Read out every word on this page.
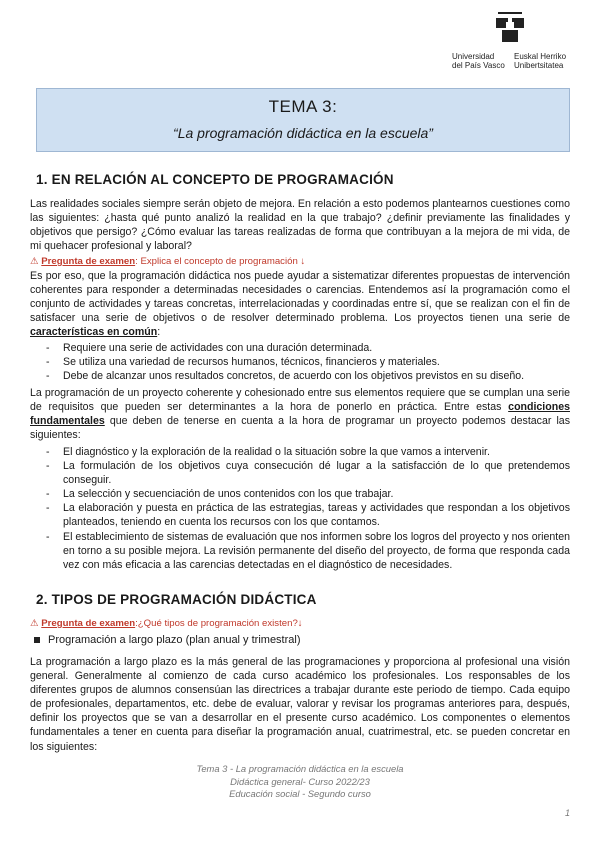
Universidad
del País Vasco
Euskal Herriko
Unibertsitatea
TEMA 3:
“La programación didáctica en la escuela”
1. EN RELACIÓN AL CONCEPTO DE PROGRAMACIÓN
Las realidades sociales siempre serán objeto de mejora. En relación a esto podemos plantearnos cuestiones como las siguientes: ¿hasta qué punto analizó la realidad en la que trabajo? ¿definir previamente las finalidades y objetivos que persigo? ¿Cómo evaluar las tareas realizadas de forma que contribuyan a la mejora de mi vida, de mi quehacer profesional y laboral?
⚠ Pregunta de examen: Explica el concepto de programación ↓
Es por eso, que la programación didáctica nos puede ayudar a sistematizar diferentes propuestas de intervención coherentes para responder a determinadas necesidades o carencias. Entendemos así la programación como el conjunto de actividades y tareas concretas, interrelacionadas y coordinadas entre sí, que se realizan con el fin de satisfacer una serie de objetivos o de resolver determinado problema. Los proyectos tienen una serie de características en común:
- Requiere una serie de actividades con una duración determinada.
- Se utiliza una variedad de recursos humanos, técnicos, financieros y materiales.
- Debe de alcanzar unos resultados concretos, de acuerdo con los objetivos previstos en su diseño.
La programación de un proyecto coherente y cohesionado entre sus elementos requiere que se cumplan una serie de requisitos que pueden ser determinantes a la hora de ponerlo en práctica. Entre estas condiciones fundamentales que deben de tenerse en cuenta a la hora de programar un proyecto podemos destacar las siguientes:
- El diagnóstico y la exploración de la realidad o la situación sobre la que vamos a intervenir.
- La formulación de los objetivos cuya consecución dé lugar a la satisfacción de lo que pretendemos conseguir.
- La selección y secuenciación de unos contenidos con los que trabajar.
- La elaboración y puesta en práctica de las estrategias, tareas y actividades que respondan a los objetivos planteados, teniendo en cuenta los recursos con los que contamos.
- El establecimiento de sistemas de evaluación que nos informen sobre los logros del proyecto y nos orienten en torno a su posible mejora. La revisión permanente del diseño del proyecto, de forma que responda cada vez con más eficacia a las carencias detectadas en el diagnóstico de necesidades.
2. TIPOS DE PROGRAMACIÓN DIDÁCTICA
⚠ Pregunta de examen:¿Qué tipos de programación existen?↓
Programación a largo plazo (plan anual y trimestral)
La programación a largo plazo es la más general de las programaciones y proporciona al profesional una visión general. Generalmente al comienzo de cada curso académico los profesionales. Los responsables de los diferentes grupos de alumnos consensúan las directrices a trabajar durante este periodo de tiempo. Cada equipo de profesionales, departamentos, etc. debe de evaluar, valorar y revisar los programas anteriores para, después, definir los proyectos que se van a desarrollar en el presente curso académico. Los componentes o elementos fundamentales a tener en cuenta para diseñar la programación anual, cuatrimestral, etc. se pueden concretar en los siguientes:
Tema 3 - La programación didáctica en la escuela
Didáctica general- Curso 2022/23
Educación social - Segundo curso
1
